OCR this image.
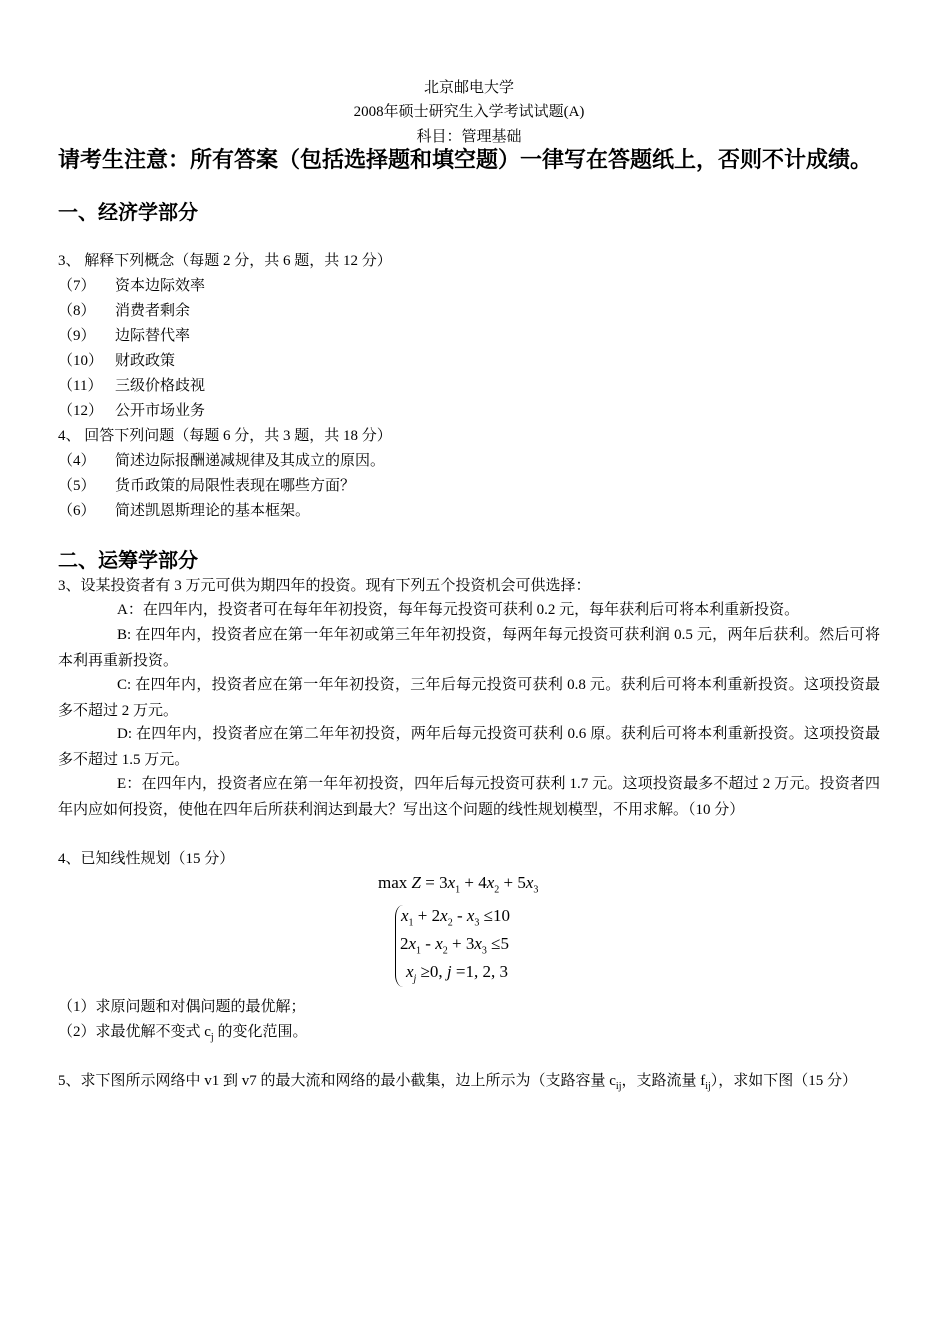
北京邮电大学
2008年硕士研究生入学考试试题(A)
科目：管理基础
请考生注意：所有答案（包括选择题和填空题）一律写在答题纸上，否则不计成绩。
一、经济学部分
3、 解释下列概念（每题 2 分，共 6 题，共 12 分）
（7） 资本边际效率
（8） 消费者剩余
（9） 边际替代率
（10） 财政政策
（11） 三级价格歧视
（12） 公开市场业务
4、 回答下列问题（每题 6 分，共 3 题，共 18 分）
（4） 简述边际报酬递减规律及其成立的原因。
（5） 货币政策的局限性表现在哪些方面？
（6） 简述凯恩斯理论的基本框架。
二、运筹学部分
3、设某投资者有 3 万元可供为期四年的投资。现有下列五个投资机会可供选择：
A：在四年内，投资者可在每年年初投资，每年每元投资可获利 0.2 元，每年获利后可将本利重新投资。
B: 在四年内，投资者应在第一年年初或第三年年初投资，每两年每元投资可获利润 0.5 元，两年后获利。然后可将本利再重新投资。
C: 在四年内，投资者应在第一年年初投资，三年后每元投资可获利 0.8 元。获利后可将本利重新投资。这项投资最多不超过 2 万元。
D: 在四年内，投资者应在第二年年初投资，两年后每元投资可获利 0.6 原。获利后可将本利重新投资。这项投资最多不超过 1.5 万元。
E：在四年内，投资者应在第一年年初投资，四年后每元投资可获利 1.7 元。这项投资最多不超过 2 万元。投资者四年内应如何投资，使他在四年后所获利润达到最大？写出这个问题的线性规划模型，不用求解。（10 分）
4、已知线性规划（15 分）
$\max Z = 3x_1 + 4x_2 + 5x_3$
$x_1 + 2x_2 - x_3 \le 10$
$2x_1 - x_2 + 3x_3 \le 5$
$x_j \ge 0$, j =1, 2, 3
（1）求原问题和对偶问题的最优解；
（2）求最优解不变式 $c_j$ 的变化范围。
5、求下图所示网络中 v1 到 v7 的最大流和网络的最小截集，边上所示为（支路容量 $c_{ij}$，支路流量 $f_{ij}$），求如下图（15 分）
